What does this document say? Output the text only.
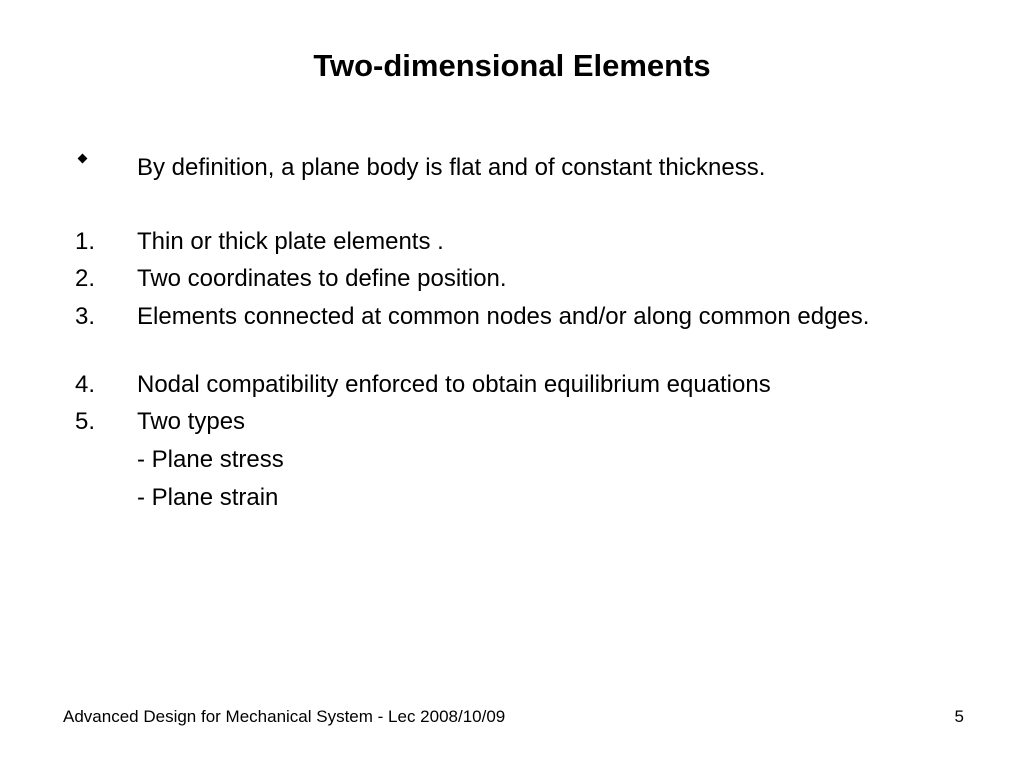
Two-dimensional Elements
By definition, a plane body is flat and of constant thickness.
1. Thin or thick plate elements .
2. Two coordinates to define position.
3. Elements connected at common nodes and/or along common edges.
4. Nodal compatibility enforced to obtain equilibrium equations
5. Two types
- Plane stress
- Plane strain
Advanced Design for Mechanical System - Lec 2008/10/09	5
